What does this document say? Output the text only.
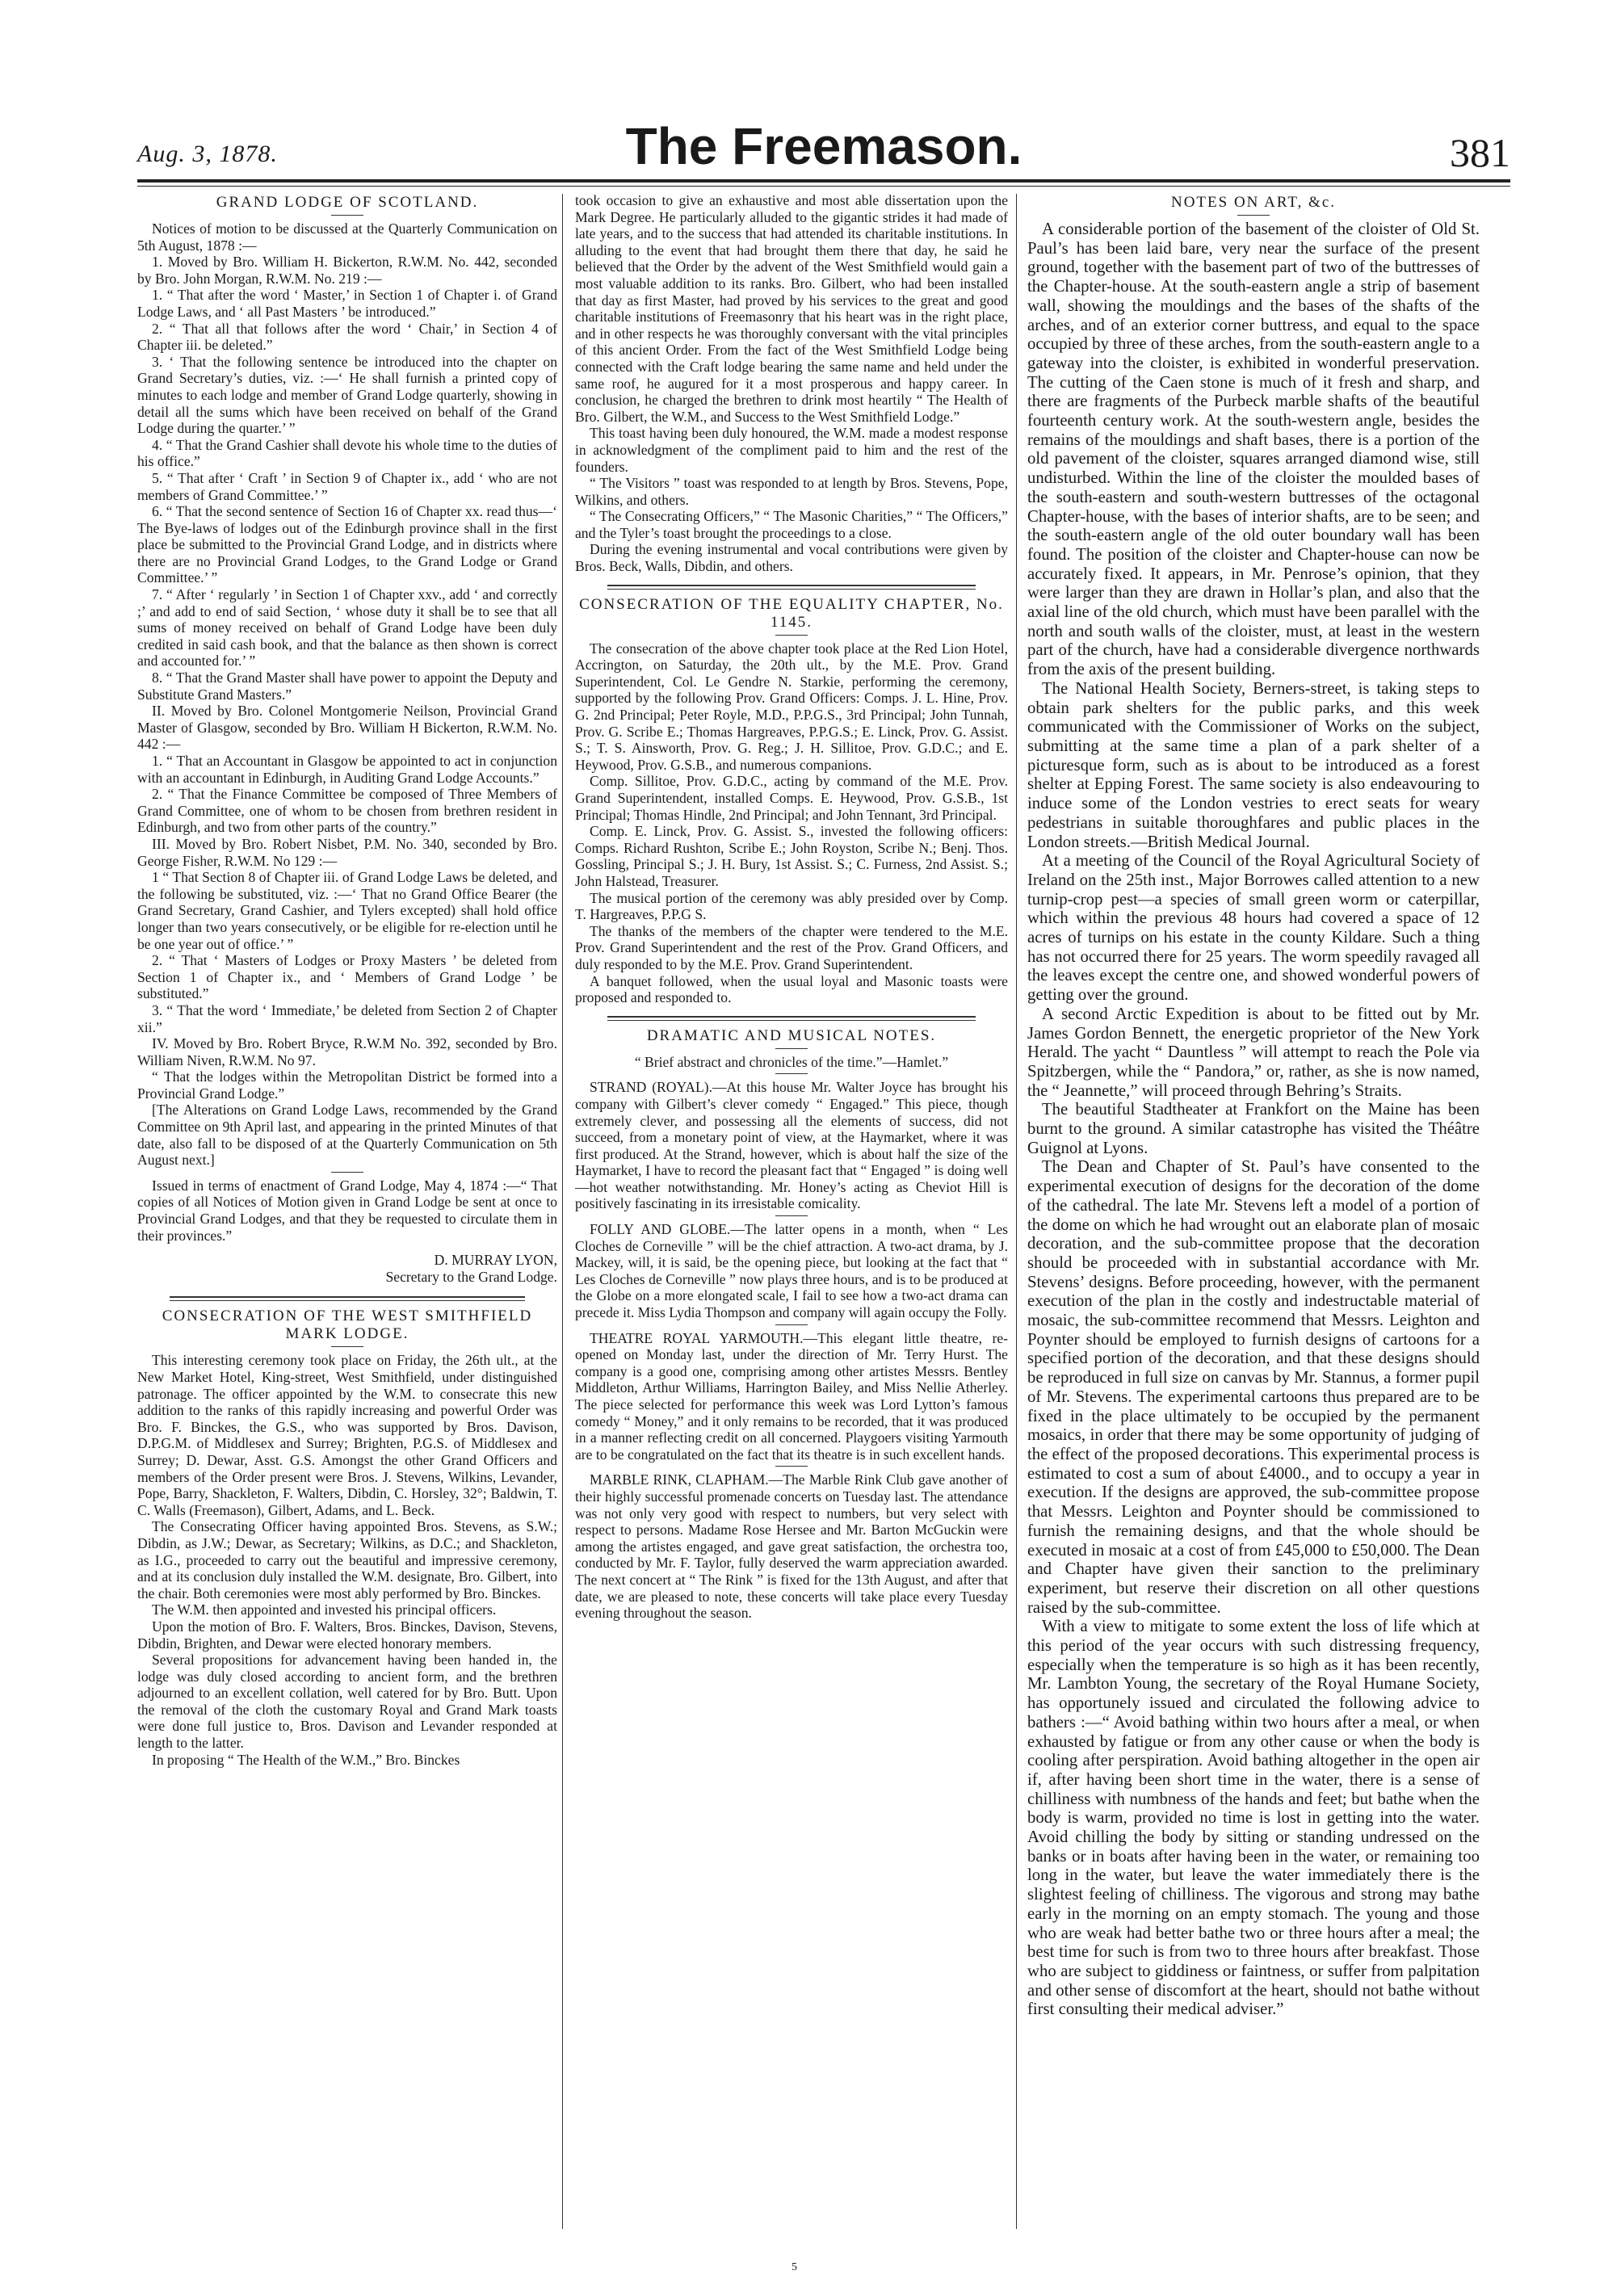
Aug. 3, 1878.	The Freemason.	381
GRAND LODGE OF SCOTLAND.

Notices of motion to be discussed at the Quarterly Communication on 5th August, 1878 :—

1. Moved by Bro. William H. Bickerton, R.W.M. No. 442, seconded by Bro. John Morgan, R.W.M. No. 219 :—

1. “ That after the word ‘ Master,’ in Section 1 of Chapter i. of Grand Lodge Laws, and ‘ all Past Masters ’ be introduced.”

2. “ That all that follows after the word ‘ Chair,’ in Section 4 of Chapter iii. be deleted.”

3. ‘ That the following sentence be introduced into the chapter on Grand Secretary’s duties, viz. :—‘ He shall furnish a printed copy of minutes to each lodge and member of Grand Lodge quarterly, showing in detail all the sums which have been received on behalf of the Grand Lodge during the quarter.’ ”

4. “ That the Grand Cashier shall devote his whole time to the duties of his office.”

5. “ That after ‘ Craft ’ in Section 9 of Chapter ix., add ‘ who are not members of Grand Committee.’ ”

6. “ That the second sentence of Section 16 of Chapter xx. read thus—‘ The Bye-laws of lodges out of the Edinburgh province shall in the first place be submitted to the Provincial Grand Lodge, and in districts where there are no Provincial Grand Lodges, to the Grand Lodge or Grand Committee.’ ”

7. “ After ‘ regularly ’ in Section 1 of Chapter xxv., add ‘ and correctly ;’ and add to end of said Section, ‘ whose duty it shall be to see that all sums of money received on behalf of Grand Lodge have been duly credited in said cash book, and that the balance as then shown is correct and accounted for.’ ”

8. “ That the Grand Master shall have power to appoint the Deputy and Substitute Grand Masters.”

II. Moved by Bro. Colonel Montgomerie Neilson, Provincial Grand Master of Glasgow, seconded by Bro. William H Bickerton, R.W.M. No. 442 :—

1. “ That an Accountant in Glasgow be appointed to act in conjunction with an accountant in Edinburgh, in Auditing Grand Lodge Accounts.”

2. “ That the Finance Committee be composed of Three Members of Grand Committee, one of whom to be chosen from brethren resident in Edinburgh, and two from other parts of the country.”

III. Moved by Bro. Robert Nisbet, P.M. No. 340, seconded by Bro. George Fisher, R.W.M. No 129 :—

1 “ That Section 8 of Chapter iii. of Grand Lodge Laws be deleted, and the following be substituted, viz. :—‘ That no Grand Office Bearer (the Grand Secretary, Grand Cashier, and Tylers excepted) shall hold office longer than two years consecutively, or be eligible for re-election until he be one year out of office.’ ”

2. “ That ‘ Masters of Lodges or Proxy Masters ’ be deleted from Section 1 of Chapter ix., and ‘ Members of Grand Lodge ’ be substituted.”

3. “ That the word ‘ Immediate,’ be deleted from Section 2 of Chapter xii.”

IV. Moved by Bro. Robert Bryce, R.W.M No. 392, seconded by Bro. William Niven, R.W.M. No 97.

“ That the lodges within the Metropolitan District be formed into a Provincial Grand Lodge.”

[The Alterations on Grand Lodge Laws, recommended by the Grand Committee on 9th April last, and appearing in the printed Minutes of that date, also fall to be disposed of at the Quarterly Communication on 5th August next.]

Issued in terms of enactment of Grand Lodge, May 4, 1874 :—“ That copies of all Notices of Motion given in Grand Lodge be sent at once to Provincial Grand Lodges, and that they be requested to circulate them in their provinces.”

D. MURRAY LYON,

Secretary to the Grand Lodge.

CONSECRATION OF THE WEST SMITHFIELD MARK LODGE.

This interesting ceremony took place on Friday, the 26th ult., at the New Market Hotel, King-street, West Smithfield, under distinguished patronage. The officer appointed by the W.M. to consecrate this new addition to the ranks of this rapidly increasing and powerful Order was Bro. F. Binckes, the G.S., who was supported by Bros. Davison, D.P.G.M. of Middlesex and Surrey; Brighten, P.G.S. of Middlesex and Surrey; D. Dewar, Asst. G.S. Amongst the other Grand Officers and members of the Order present were Bros. J. Stevens, Wilkins, Levander, Pope, Barry, Shackleton, F. Walters, Dibdin, C. Horsley, 32°; Baldwin, T. C. Walls (Freemason), Gilbert, Adams, and L. Beck.

The Consecrating Officer having appointed Bros. Stevens, as S.W.; Dibdin, as J.W.; Dewar, as Secretary; Wilkins, as D.C.; and Shackleton, as I.G., proceeded to carry out the beautiful and impressive ceremony, and at its conclusion duly installed the W.M. designate, Bro. Gilbert, into the chair. Both ceremonies were most ably performed by Bro. Binckes.

The W.M. then appointed and invested his principal officers.

Upon the motion of Bro. F. Walters, Bros. Binckes, Davison, Stevens, Dibdin, Brighten, and Dewar were elected honorary members.

Several propositions for advancement having been handed in, the lodge was duly closed according to ancient form, and the brethren adjourned to an excellent collation, well catered for by Bro. Butt. Upon the removal of the cloth the customary Royal and Grand Mark toasts were done full justice to, Bros. Davison and Levander responded at length to the latter.

In proposing “ The Health of the W.M.,” Bro. Binckes

took occasion to give an exhaustive and most able dissertation upon the Mark Degree. He particularly alluded to the gigantic strides it had made of late years, and to the success that had attended its charitable institutions. In alluding to the event that had brought them there that day, he said he believed that the Order by the advent of the West Smithfield would gain a most valuable addition to its ranks. Bro. Gilbert, who had been installed that day as first Master, had proved by his services to the great and good charitable institutions of Freemasonry that his heart was in the right place, and in other respects he was thoroughly conversant with the vital principles of this ancient Order. From the fact of the West Smithfield Lodge being connected with the Craft lodge bearing the same name and held under the same roof, he augured for it a most prosperous and happy career. In conclusion, he charged the brethren to drink most heartily “ The Health of Bro. Gilbert, the W.M., and Success to the West Smithfield Lodge.”

This toast having been duly honoured, the W.M. made a modest response in acknowledgment of the compliment paid to him and the rest of the founders.

“ The Visitors ” toast was responded to at length by Bros. Stevens, Pope, Wilkins, and others.

“ The Consecrating Officers,” “ The Masonic Charities,” “ The Officers,” and the Tyler’s toast brought the proceedings to a close.

During the evening instrumental and vocal contributions were given by Bros. Beck, Walls, Dibdin, and others.

CONSECRATION OF THE EQUALITY CHAPTER, No. 1145.

The consecration of the above chapter took place at the Red Lion Hotel, Accrington, on Saturday, the 20th ult., by the M.E. Prov. Grand Superintendent, Col. Le Gendre N. Starkie, performing the ceremony, supported by the following Prov. Grand Officers: Comps. J. L. Hine, Prov. G. 2nd Principal; Peter Royle, M.D., P.P.G.S., 3rd Principal; John Tunnah, Prov. G. Scribe E.; Thomas Hargreaves, P.P.G.S.; E. Linck, Prov. G. Assist. S.; T. S. Ainsworth, Prov. G. Reg.; J. H. Sillitoe, Prov. G.D.C.; and E. Heywood, Prov. G.S.B., and numerous companions.

Comp. Sillitoe, Prov. G.D.C., acting by command of the M.E. Prov. Grand Superintendent, installed Comps. E. Heywood, Prov. G.S.B., 1st Principal; Thomas Hindle, 2nd Principal; and John Tennant, 3rd Principal.

Comp. E. Linck, Prov. G. Assist. S., invested the following officers: Comps. Richard Rushton, Scribe E.; John Royston, Scribe N.; Benj. Thos. Gossling, Principal S.; J. H. Bury, 1st Assist. S.; C. Furness, 2nd Assist. S.; John Halstead, Treasurer.

The musical portion of the ceremony was ably presided over by Comp. T. Hargreaves, P.P.G S.

The thanks of the members of the chapter were tendered to the M.E. Prov. Grand Superintendent and the rest of the Prov. Grand Officers, and duly responded to by the M.E. Prov. Grand Superintendent.

A banquet followed, when the usual loyal and Masonic toasts were proposed and responded to.

DRAMATIC AND MUSICAL NOTES.

“ Brief abstract and chronicles of the time.”—Hamlet.”

STRAND (ROYAL).—At this house Mr. Walter Joyce has brought his company with Gilbert’s clever comedy “ Engaged.” This piece, though extremely clever, and possessing all the elements of success, did not succeed, from a monetary point of view, at the Haymarket, where it was first produced. At the Strand, however, which is about half the size of the Haymarket, I have to record the pleasant fact that “ Engaged ” is doing well—hot weather notwithstanding. Mr. Honey’s acting as Cheviot Hill is positively fascinating in its irresistable comicality.

FOLLY AND GLOBE.—The latter opens in a month, when “ Les Cloches de Corneville ” will be the chief attraction. A two-act drama, by J. Mackey, will, it is said, be the opening piece, but looking at the fact that “ Les Cloches de Corneville ” now plays three hours, and is to be produced at the Globe on a more elongated scale, I fail to see how a two-act drama can precede it. Miss Lydia Thompson and company will again occupy the Folly.

THEATRE ROYAL YARMOUTH.—This elegant little theatre, re-opened on Monday last, under the direction of Mr. Terry Hurst. The company is a good one, comprising among other artistes Messrs. Bentley Middleton, Arthur Williams, Harrington Bailey, and Miss Nellie Atherley. The piece selected for performance this week was Lord Lytton’s famous comedy “ Money,” and it only remains to be recorded, that it was produced in a manner reflecting credit on all concerned. Playgoers visiting Yarmouth are to be congratulated on the fact that its theatre is in such excellent hands.

MARBLE RINK, CLAPHAM.—The Marble Rink Club gave another of their highly successful promenade concerts on Tuesday last. The attendance was not only very good with respect to numbers, but very select with respect to persons. Madame Rose Hersee and Mr. Barton McGuckin were among the artistes engaged, and gave great satisfaction, the orchestra too, conducted by Mr. F. Taylor, fully deserved the warm appreciation awarded. The next concert at “ The Rink ” is fixed for the 13th August, and after that date, we are pleased to note, these concerts will take place every Tuesday evening throughout the season.

NOTES ON ART, &c.

A considerable portion of the basement of the cloister of Old St. Paul’s has been laid bare, very near the surface of the present ground, together with the basement part of two of the buttresses of the Chapter-house. At the south-eastern angle a strip of basement wall, showing the mouldings and the bases of the shafts of the arches, and of an exterior corner buttress, and equal to the space occupied by three of these arches, from the south-eastern angle to a gateway into the cloister, is exhibited in wonderful preservation. The cutting of the Caen stone is much of it fresh and sharp, and there are fragments of the Purbeck marble shafts of the beautiful fourteenth century work. At the south-western angle, besides the remains of the mouldings and shaft bases, there is a portion of the old pavement of the cloister, squares arranged diamond wise, still undisturbed. Within the line of the cloister the moulded bases of the south-eastern and south-western buttresses of the octagonal Chapter-house, with the bases of interior shafts, are to be seen; and the south-eastern angle of the old outer boundary wall has been found. The position of the cloister and Chapter-house can now be accurately fixed. It appears, in Mr. Penrose’s opinion, that they were larger than they are drawn in Hollar’s plan, and also that the axial line of the old church, which must have been parallel with the north and south walls of the cloister, must, at least in the western part of the church, have had a considerable divergence northwards from the axis of the present building.

The National Health Society, Berners-street, is taking steps to obtain park shelters for the public parks, and this week communicated with the Commissioner of Works on the subject, submitting at the same time a plan of a park shelter of a picturesque form, such as is about to be introduced as a forest shelter at Epping Forest. The same society is also endeavouring to induce some of the London vestries to erect seats for weary pedestrians in suitable thoroughfares and public places in the London streets.—British Medical Journal.

At a meeting of the Council of the Royal Agricultural Society of Ireland on the 25th inst., Major Borrowes called attention to a new turnip-crop pest—a species of small green worm or caterpillar, which within the previous 48 hours had covered a space of 12 acres of turnips on his estate in the county Kildare. Such a thing has not occurred there for 25 years. The worm speedily ravaged all the leaves except the centre one, and showed wonderful powers of getting over the ground.

A second Arctic Expedition is about to be fitted out by Mr. James Gordon Bennett, the energetic proprietor of the New York Herald. The yacht “ Dauntless ” will attempt to reach the Pole via Spitzbergen, while the “ Pandora,” or, rather, as she is now named, the “ Jeannette,” will proceed through Behring’s Straits.

The beautiful Stadtheater at Frankfort on the Maine has been burnt to the ground. A similar catastrophe has visited the Théâtre Guignol at Lyons.

The Dean and Chapter of St. Paul’s have consented to the experimental execution of designs for the decoration of the dome of the cathedral. The late Mr. Stevens left a model of a portion of the dome on which he had wrought out an elaborate plan of mosaic decoration, and the sub-committee propose that the decoration should be proceeded with in substantial accordance with Mr. Stevens’ designs. Before proceeding, however, with the permanent execution of the plan in the costly and indestructable material of mosaic, the sub-committee recommend that Messrs. Leighton and Poynter should be employed to furnish designs of cartoons for a specified portion of the decoration, and that these designs should be reproduced in full size on canvas by Mr. Stannus, a former pupil of Mr. Stevens. The experimental cartoons thus prepared are to be fixed in the place ultimately to be occupied by the permanent mosaics, in order that there may be some opportunity of judging of the effect of the proposed decorations. This experimental process is estimated to cost a sum of about £4000., and to occupy a year in execution. If the designs are approved, the sub-committee propose that Messrs. Leighton and Poynter should be commissioned to furnish the remaining designs, and that the whole should be executed in mosaic at a cost of from £45,000 to £50,000. The Dean and Chapter have given their sanction to the preliminary experiment, but reserve their discretion on all other questions raised by the sub-committee.

With a view to mitigate to some extent the loss of life which at this period of the year occurs with such distressing frequency, especially when the temperature is so high as it has been recently, Mr. Lambton Young, the secretary of the Royal Humane Society, has opportunely issued and circulated the following advice to bathers :—“ Avoid bathing within two hours after a meal, or when exhausted by fatigue or from any other cause or when the body is cooling after perspiration. Avoid bathing altogether in the open air if, after having been short time in the water, there is a sense of chilliness with numbness of the hands and feet; but bathe when the body is warm, provided no time is lost in getting into the water. Avoid chilling the body by sitting or standing undressed on the banks or in boats after having been in the water, or remaining too long in the water, but leave the water immediately there is the slightest feeling of chilliness. The vigorous and strong may bathe early in the morning on an empty stomach. The young and those who are weak had better bathe two or three hours after a meal; the best time for such is from two to three hours after breakfast. Those who are subject to giddiness or faintness, or suffer from palpitation and other sense of discomfort at the heart, should not bathe without first consulting their medical adviser.”

5
